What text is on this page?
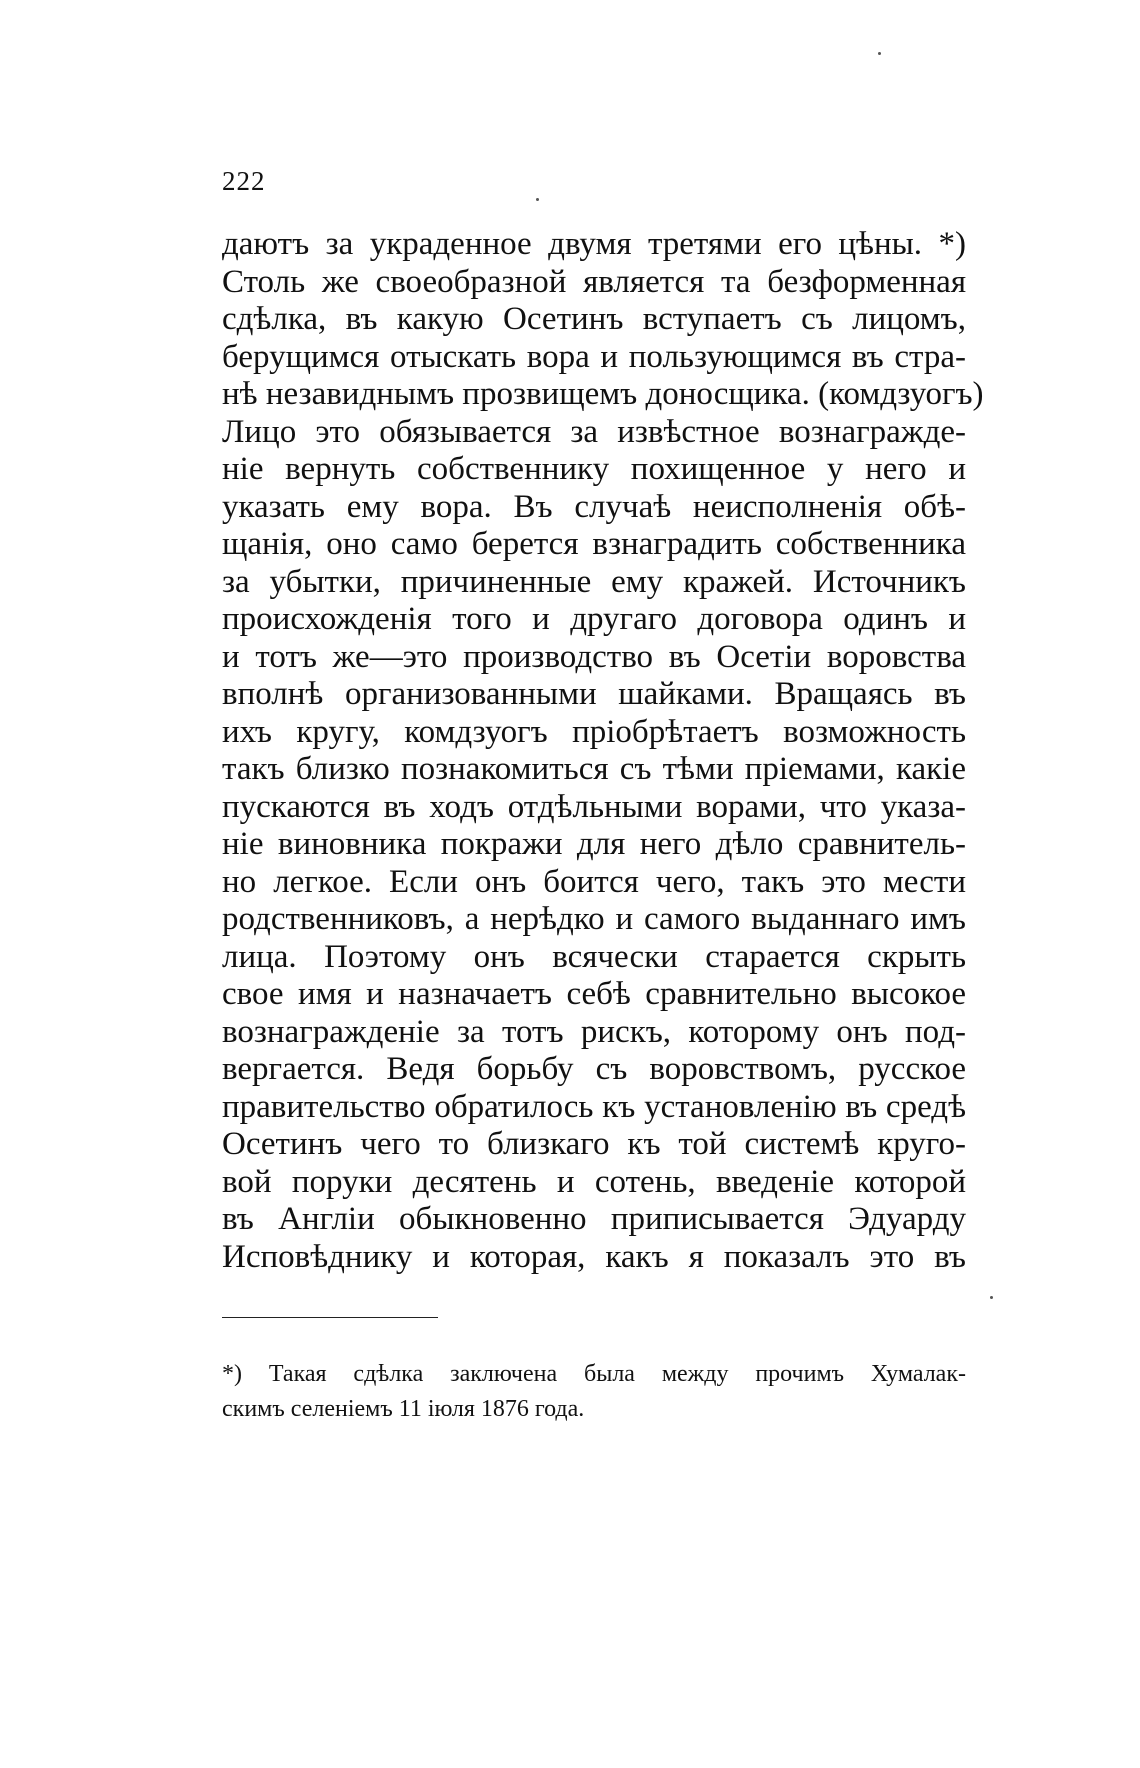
222
даютъ за украденное двумя третями его цѣны. *)
Столь же своеобразной является та безформенная
сдѣлка, въ какую Осетинъ вступаетъ съ лицомъ,
берущимся отыскать вора и пользующимся въ стра-
нѣ незавиднымъ прозвищемъ доносщика. (комдзуогъ)
Лицо это обязывается за извѣстное вознагражде-
ніе вернуть собственнику похищенное у него и
указать ему вора. Въ случаѣ неисполненія обѣ-
щанія, оно само берется взнаградить собственника
за убытки, причиненные ему кражей. Источникъ
происхожденія того и другаго договора одинъ и
и тотъ же—это производство въ Осетіи воровства
вполнѣ организованными шайками. Вращаясь въ
ихъ кругу, комдзуогъ пріобрѣтаетъ возможность
такъ близко познакомиться съ тѣми пріемами, какіе
пускаются въ ходъ отдѣльными ворами, что указа-
ніе виновника покражи для него дѣло сравнитель-
но легкое. Если онъ боится чего, такъ это мести
родственниковъ, а нерѣдко и самого выданнаго имъ
лица. Поэтому онъ всячески старается скрыть
свое имя и назначаетъ себѣ сравнительно высокое
вознагражденіе за тотъ рискъ, которому онъ под-
вергается. Ведя борьбу съ воровствомъ, русское
правительство обратилось къ установленію въ средѣ
Осетинъ чего то близкаго къ той системѣ круго-
вой поруки десятень и сотень, введеніе которой
въ Англіи обыкновенно приписывается Эдуарду
Исповѣднику и которая, какъ я показалъ это въ
*) Такая сдѣлка заключена была между прочимъ Хумалак-
скимъ селеніемъ 11 іюля 1876 года.
